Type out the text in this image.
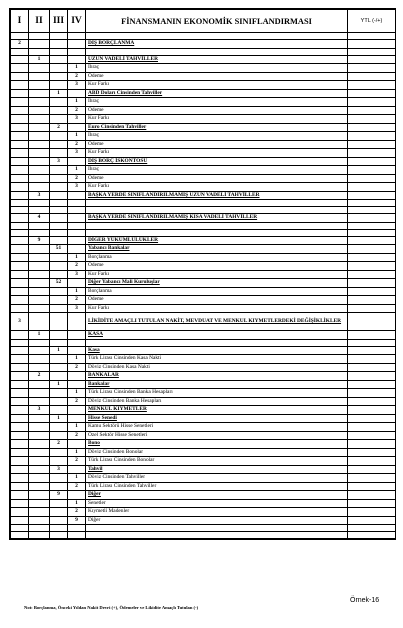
I	II	III	IV	FİNANSMANIN EKONOMİK SINIFLANDIRMASI	YTL (-/+)

2				DIŞ BORÇLANMA	

	1			UZUN VADELİ TAHVİLLER	
			1	İhraç	
			2	Ödeme	
			3	Kur Farkı	
		1		ABD Doları Cinsinden Tahviller	
			1	İhraç	
			2	Ödeme	
			3	Kur Farkı	
		2		Euro Cinsinden Tahviller	
			1	İhraç	
			2	Ödeme	
			3	Kur Farkı	
		3		DIŞ BORÇ İSKONTOSU	
			1	İhraç	
			2	Ödeme	
			3	Kur Farkı	
	3			BAŞKA YERDE SINIFLANDIRILMAMIŞ UZUN VADELİ TAHVİLLER	

	4			BAŞKA YERDE SINIFLANDIRILMAMIŞ KISA VADELİ TAHVİLLER	

	9			DİĞER YÜKÜMLÜLÜKLER	
		51		Yabancı Bankalar	
			1	Borçlanma	
			2	Ödeme	
			3	Kur Farkı	
		52		Diğer Yabancı Mali Kuruluşlar	
			1	Borçlanma	
			2	Ödeme	
			3	Kur Farkı	
3				LİKİDİTE AMAÇLI TUTULAN NAKİT, MEVDUAT VE MENKUL KIYMETLERDEKİ DEĞİŞİKLİKLER	
	1			KASA	

		1		Kasa	
			1	Türk Lirası Cinsinden Kasa Nakti	
			2	Döviz Cinsinden Kasa Nakti	
	2			BANKALAR	
		1		Bankalar	
			1	Türk Lirası Cinsinden Banka Hesapları	
			2	Döviz Cinsinden Banka Hesapları	
	3			MENKUL KIYMETLER	
		1		Hisse Senedi	
			1	Kamu Sektörü Hisse Senetleri	
			2	Özel Sektör Hisse Senetleri	
		2		Bono	
			1	Döviz Cinsinden Bonolar	
			2	Türk Lirası Cinsinden Bonolar	
		3		Tahvil	
			1	Döviz Cinsinden Tahviller	
			2	Türk Lirası Cinsinden Tahviller	
		9		Diğer	
			1	Senetler	
			2	Kıymetli Madenler	
			9	Diğer	

Örnek-16
Not: Borçlanma, Önceki Yıldan Nakit Devri (+), Ödemeler ve Likidite Amaçlı Tutulan (-)
